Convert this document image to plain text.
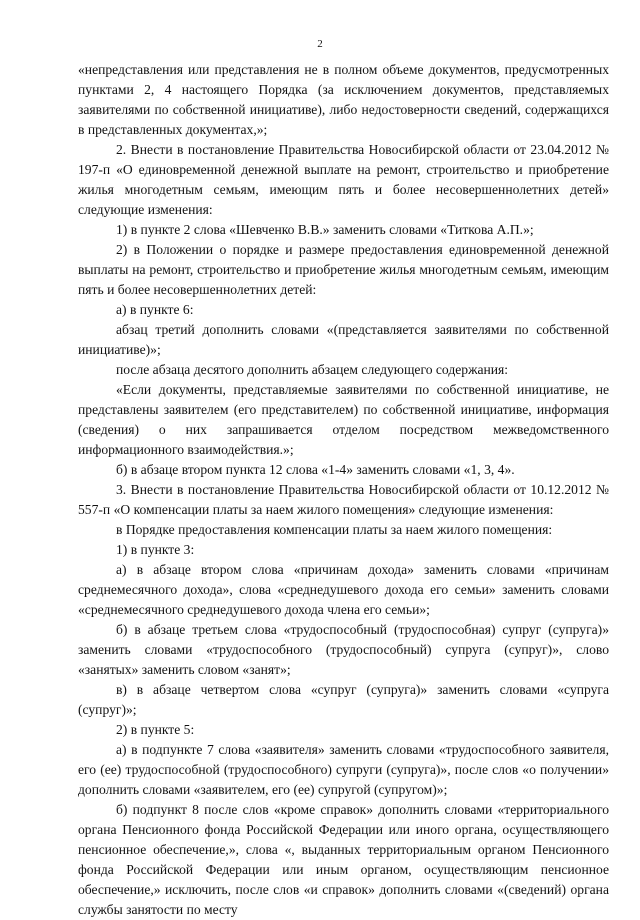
2

«непредставления или представления не в полном объеме документов, предусмотренных пунктами 2, 4 настоящего Порядка (за исключением документов, представляемых заявителями по собственной инициативе), либо недостоверности сведений, содержащихся в представленных документах,»;

2. Внести в постановление Правительства Новосибирской области от 23.04.2012 № 197-п «О единовременной денежной выплате на ремонт, строительство и приобретение жилья многодетным семьям, имеющим пять и более несовершеннолетних детей» следующие изменения:

1) в пункте 2 слова «Шевченко В.В.» заменить словами «Титкова А.П.»;

2) в Положении о порядке и размере предоставления единовременной денежной выплаты на ремонт, строительство и приобретение жилья многодетным семьям, имеющим пять и более несовершеннолетних детей:

а) в пункте 6:

абзац третий дополнить словами «(представляется заявителями по собственной инициативе)»;

после абзаца десятого дополнить абзацем следующего содержания:

«Если документы, представляемые заявителями по собственной инициативе, не представлены заявителем (его представителем) по собственной инициативе, информация (сведения) о них запрашивается отделом посредством межведомственного информационного взаимодействия.»;

б) в абзаце втором пункта 12 слова «1-4» заменить словами «1, 3, 4».

3. Внести в постановление Правительства Новосибирской области от 10.12.2012 № 557-п «О компенсации платы за наем жилого помещения» следующие изменения:

в Порядке предоставления компенсации платы за наем жилого помещения:

1) в пункте 3:

а) в абзаце втором слова «причинам дохода» заменить словами «причинам среднемесячного дохода», слова «среднедушевого дохода его семьи» заменить словами «среднемесячного среднедушевого дохода члена его семьи»;

б) в абзаце третьем слова «трудоспособный (трудоспособная) супруг (супруга)» заменить словами «трудоспособного (трудоспособный) супруга (супруг)», слово «занятых» заменить словом «занят»;

в) в абзаце четвертом слова «супруг (супруга)» заменить словами «супруга (супруг)»;

2) в пункте 5:

а) в подпункте 7 слова «заявителя» заменить словами «трудоспособного заявителя, его (ее) трудоспособной (трудоспособного) супруги (супруга)», после слов «о получении» дополнить словами «заявителем, его (ее) супругой (супругом)»;

б) подпункт 8 после слов «кроме справок» дополнить словами «территориального органа Пенсионного фонда Российской Федерации или иного органа, осуществляющего пенсионное обеспечение,», слова «, выданных территориальным органом Пенсионного фонда Российской Федерации или иным органом, осуществляющим пенсионное обеспечение,» исключить, после слов «и справок» дополнить словами «(сведений) органа службы занятости по месту
